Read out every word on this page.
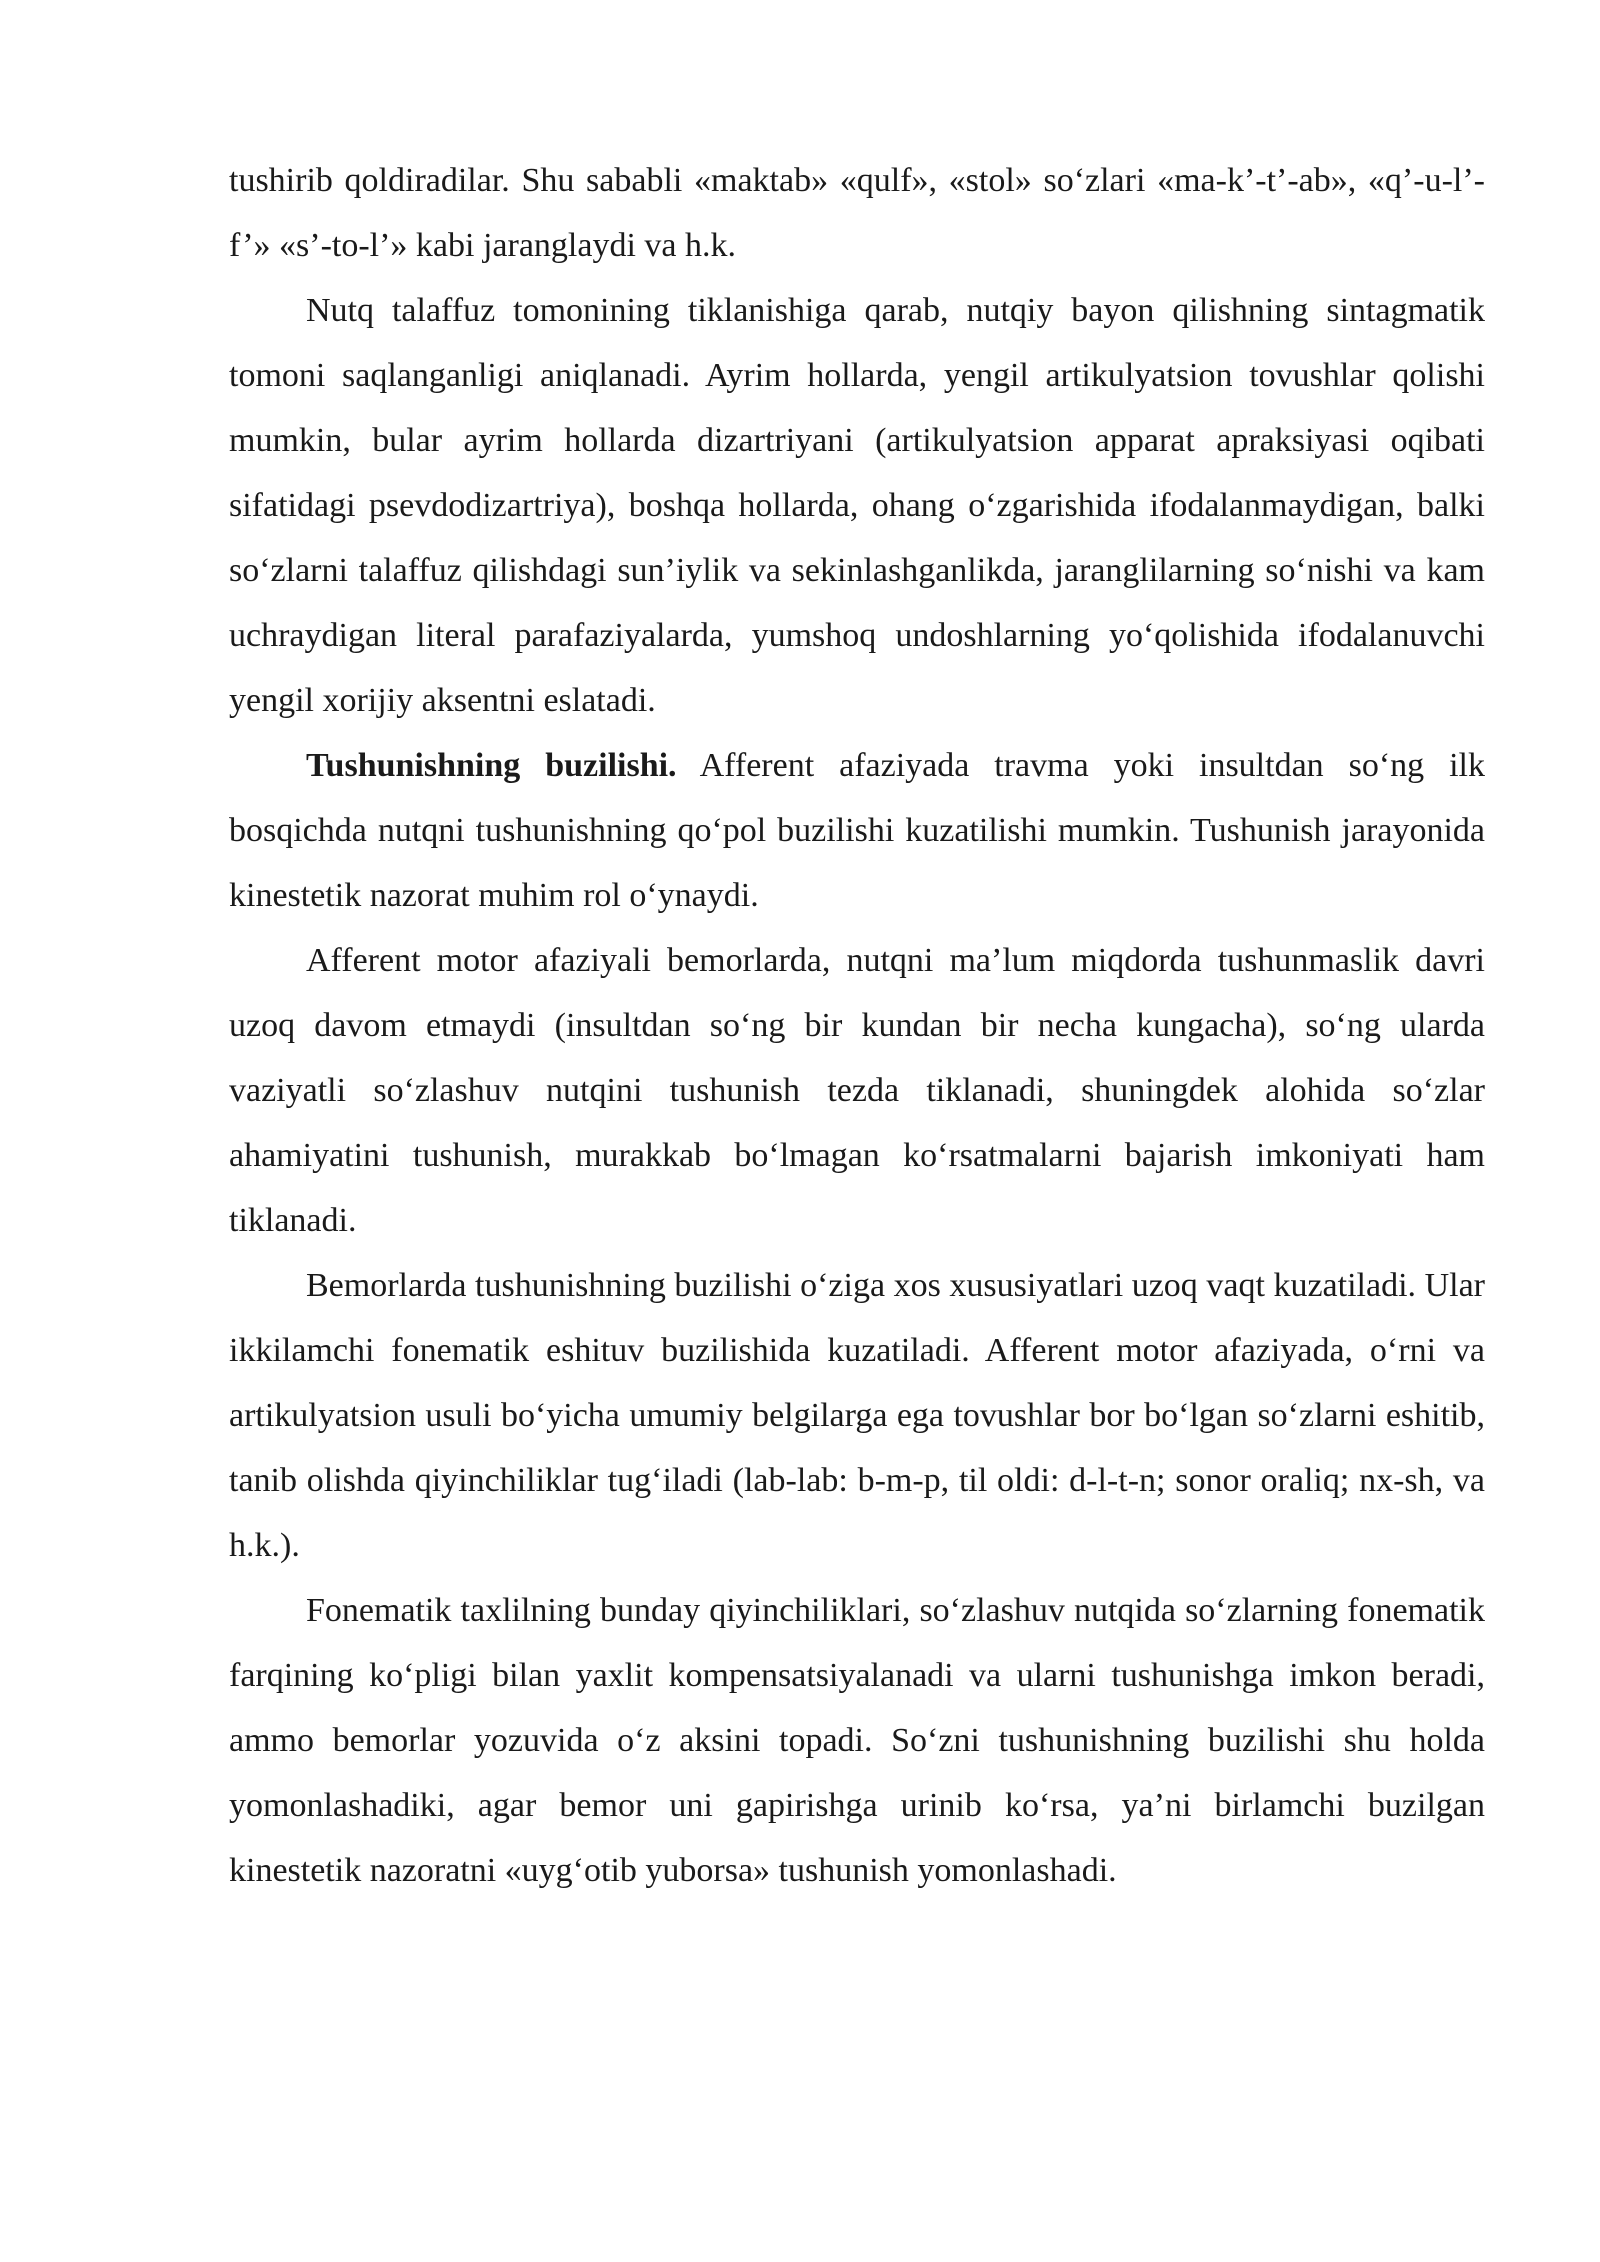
tushirib qoldiradilar. Shu sababli «maktab» «qulf», «stol» so‘zlari «ma-k’-t’-ab», «q’-u-l’-f’» «s’-to-l’» kabi jaranglaydi va h.k.

Nutq talaffuz tomonining tiklanishiga qarab, nutqiy bayon qilishning sintagmatik tomoni saqlanganligi aniqlanadi. Ayrim hollarda, yengil artikulyatsion tovushlar qolishi mumkin, bular ayrim hollarda dizartriyani (artikulyatsion apparat apraksiyasi oqibati sifatidagi psevdodizartriya), boshqa hollarda, ohang o‘zgarishida ifodalanmaydigan, balki so‘zlarni talaffuz qilishdagi sun’iylik va sekinlashganlikda, jaranglilarning so‘nishi va kam uchraydigan literal parafaziyalarda, yumshoq undoshlarning yo‘qolishida ifodalanuvchi yengil xorijiy aksentni eslatadi.

Tushunishning buzilishi. Afferent afaziyada travma yoki insultdan so‘ng ilk bosqichda nutqni tushunishning qo‘pol buzilishi kuzatilishi mumkin. Tushunish jarayonida kinestetik nazorat muhim rol o‘ynaydi.

Afferent motor afaziyali bemorlarda, nutqni ma’lum miqdorda tushunmaslik davri uzoq davom etmaydi (insultdan so‘ng bir kundan bir necha kungacha), so‘ng ularda vaziyatli so‘zlashuv nutqini tushunish tezda tiklanadi, shuningdek alohida so‘zlar ahamiyatini tushunish, murakkab bo‘lmagan ko‘rsatmalarni bajarish imkoniyati ham tiklanadi.

Bemorlarda tushunishning buzilishi o‘ziga xos xususiyatlari uzoq vaqt kuzatiladi. Ular ikkilamchi fonematik eshituv buzilishida kuzatiladi. Afferent motor afaziyada, o‘rni va artikulyatsion usuli bo‘yicha umumiy belgilarga ega tovushlar bor bo‘lgan so‘zlarni eshitib, tanib olishda qiyinchiliklar tug‘iladi (lab-lab: b-m-p, til oldi: d-l-t-n; sonor oraliq; nx-sh, va h.k.).

Fonematik taxlilning bunday qiyinchiliklari, so‘zlashuv nutqida so‘zlarning fonematik farqining ko‘pligi bilan yaxlit kompensatsiyalanadi va ularni tushunishga imkon beradi, ammo bemorlar yozuvida o‘z aksini topadi. So‘zni tushunishning buzilishi shu holda yomonlashadiki, agar bemor uni gapirishga urinib ko‘rsa, ya’ni birlamchi buzilgan kinestetik nazoratni «uyg‘otib yuborsa» tushunish yomonlashadi.
